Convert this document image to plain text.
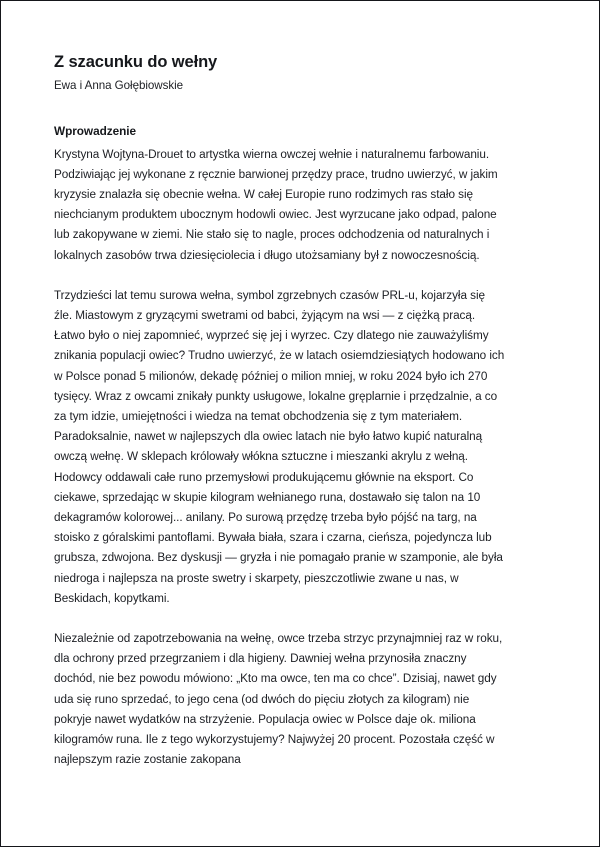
Z szacunku do wełny
Ewa i Anna Gołębiowskie
Wprowadzenie

Krystyna Wojtyna-Drouet to artystka wierna owczej wełnie i naturalnemu farbowaniu. Podziwiając jej wykonane z ręcznie barwionej przędzy prace, trudno uwierzyć, w jakim kryzysie znalazła się obecnie wełna. W całej Europie runo rodzimych ras stało się niechcianym produktem ubocznym hodowli owiec. Jest wyrzucane jako odpad, palone lub zakopywane w ziemi. Nie stało się to nagle, proces odchodzenia od naturalnych i lokalnych zasobów trwa dziesięciolecia i długo utożsamiany był z nowoczesnością.

Trzydzieści lat temu surowa wełna, symbol zgrzebnych czasów PRL-u, kojarzyła się źle. Miastowym z gryzącymi swetrami od babci, żyjącym na wsi — z ciężką pracą. Łatwo było o niej zapomnieć, wyprzeć się jej i wyrzec. Czy dlatego nie zauważyliśmy znikania populacji owiec? Trudno uwierzyć, że w latach osiemdziesiątych hodowano ich w Polsce ponad 5 milionów, dekadę później o milion mniej, w roku 2024 było ich 270 tysięcy. Wraz z owcami znikały punkty usługowe, lokalne gręplarnie i przędzalnie, a co za tym idzie, umiejętności i wiedza na temat obchodzenia się z tym materiałem. Paradoksalnie, nawet w najlepszych dla owiec latach nie było łatwo kupić naturalną owczą wełnę. W sklepach królowały włókna sztuczne i mieszanki akrylu z wełną. Hodowcy oddawali całe runo przemysłowi produkującemu głównie na eksport. Co ciekawe, sprzedając w skupie kilogram wełnianego runa, dostawało się talon na 10 dekagramów kolorowej... anilany. Po surową przędzę trzeba było pójść na targ, na stoisko z góralskimi pantoflami. Bywała biała, szara i czarna, cieńsza, pojedyncza lub grubsza, zdwojona. Bez dyskusji — gryzła i nie pomagało pranie w szamponie, ale była niedroga i najlepsza na proste swetry i skarpety, pieszczotliwie zwane u nas, w Beskidach, kopytkami.

Niezależnie od zapotrzebowania na wełnę, owce trzeba strzyc przynajmniej raz w roku, dla ochrony przed przegrzaniem i dla higieny. Dawniej wełna przynosiła znaczny dochód, nie bez powodu mówiono: „Kto ma owce, ten ma co chce”. Dzisiaj, nawet gdy uda się runo sprzedać, to jego cena (od dwóch do pięciu złotych za kilogram) nie pokryje nawet wydatków na strzyżenie. Populacja owiec w Polsce daje ok. miliona kilogramów runa. Ile z tego wykorzystujemy? Najwyżej 20 procent. Pozostała część w najlepszym razie zostanie zakopana
